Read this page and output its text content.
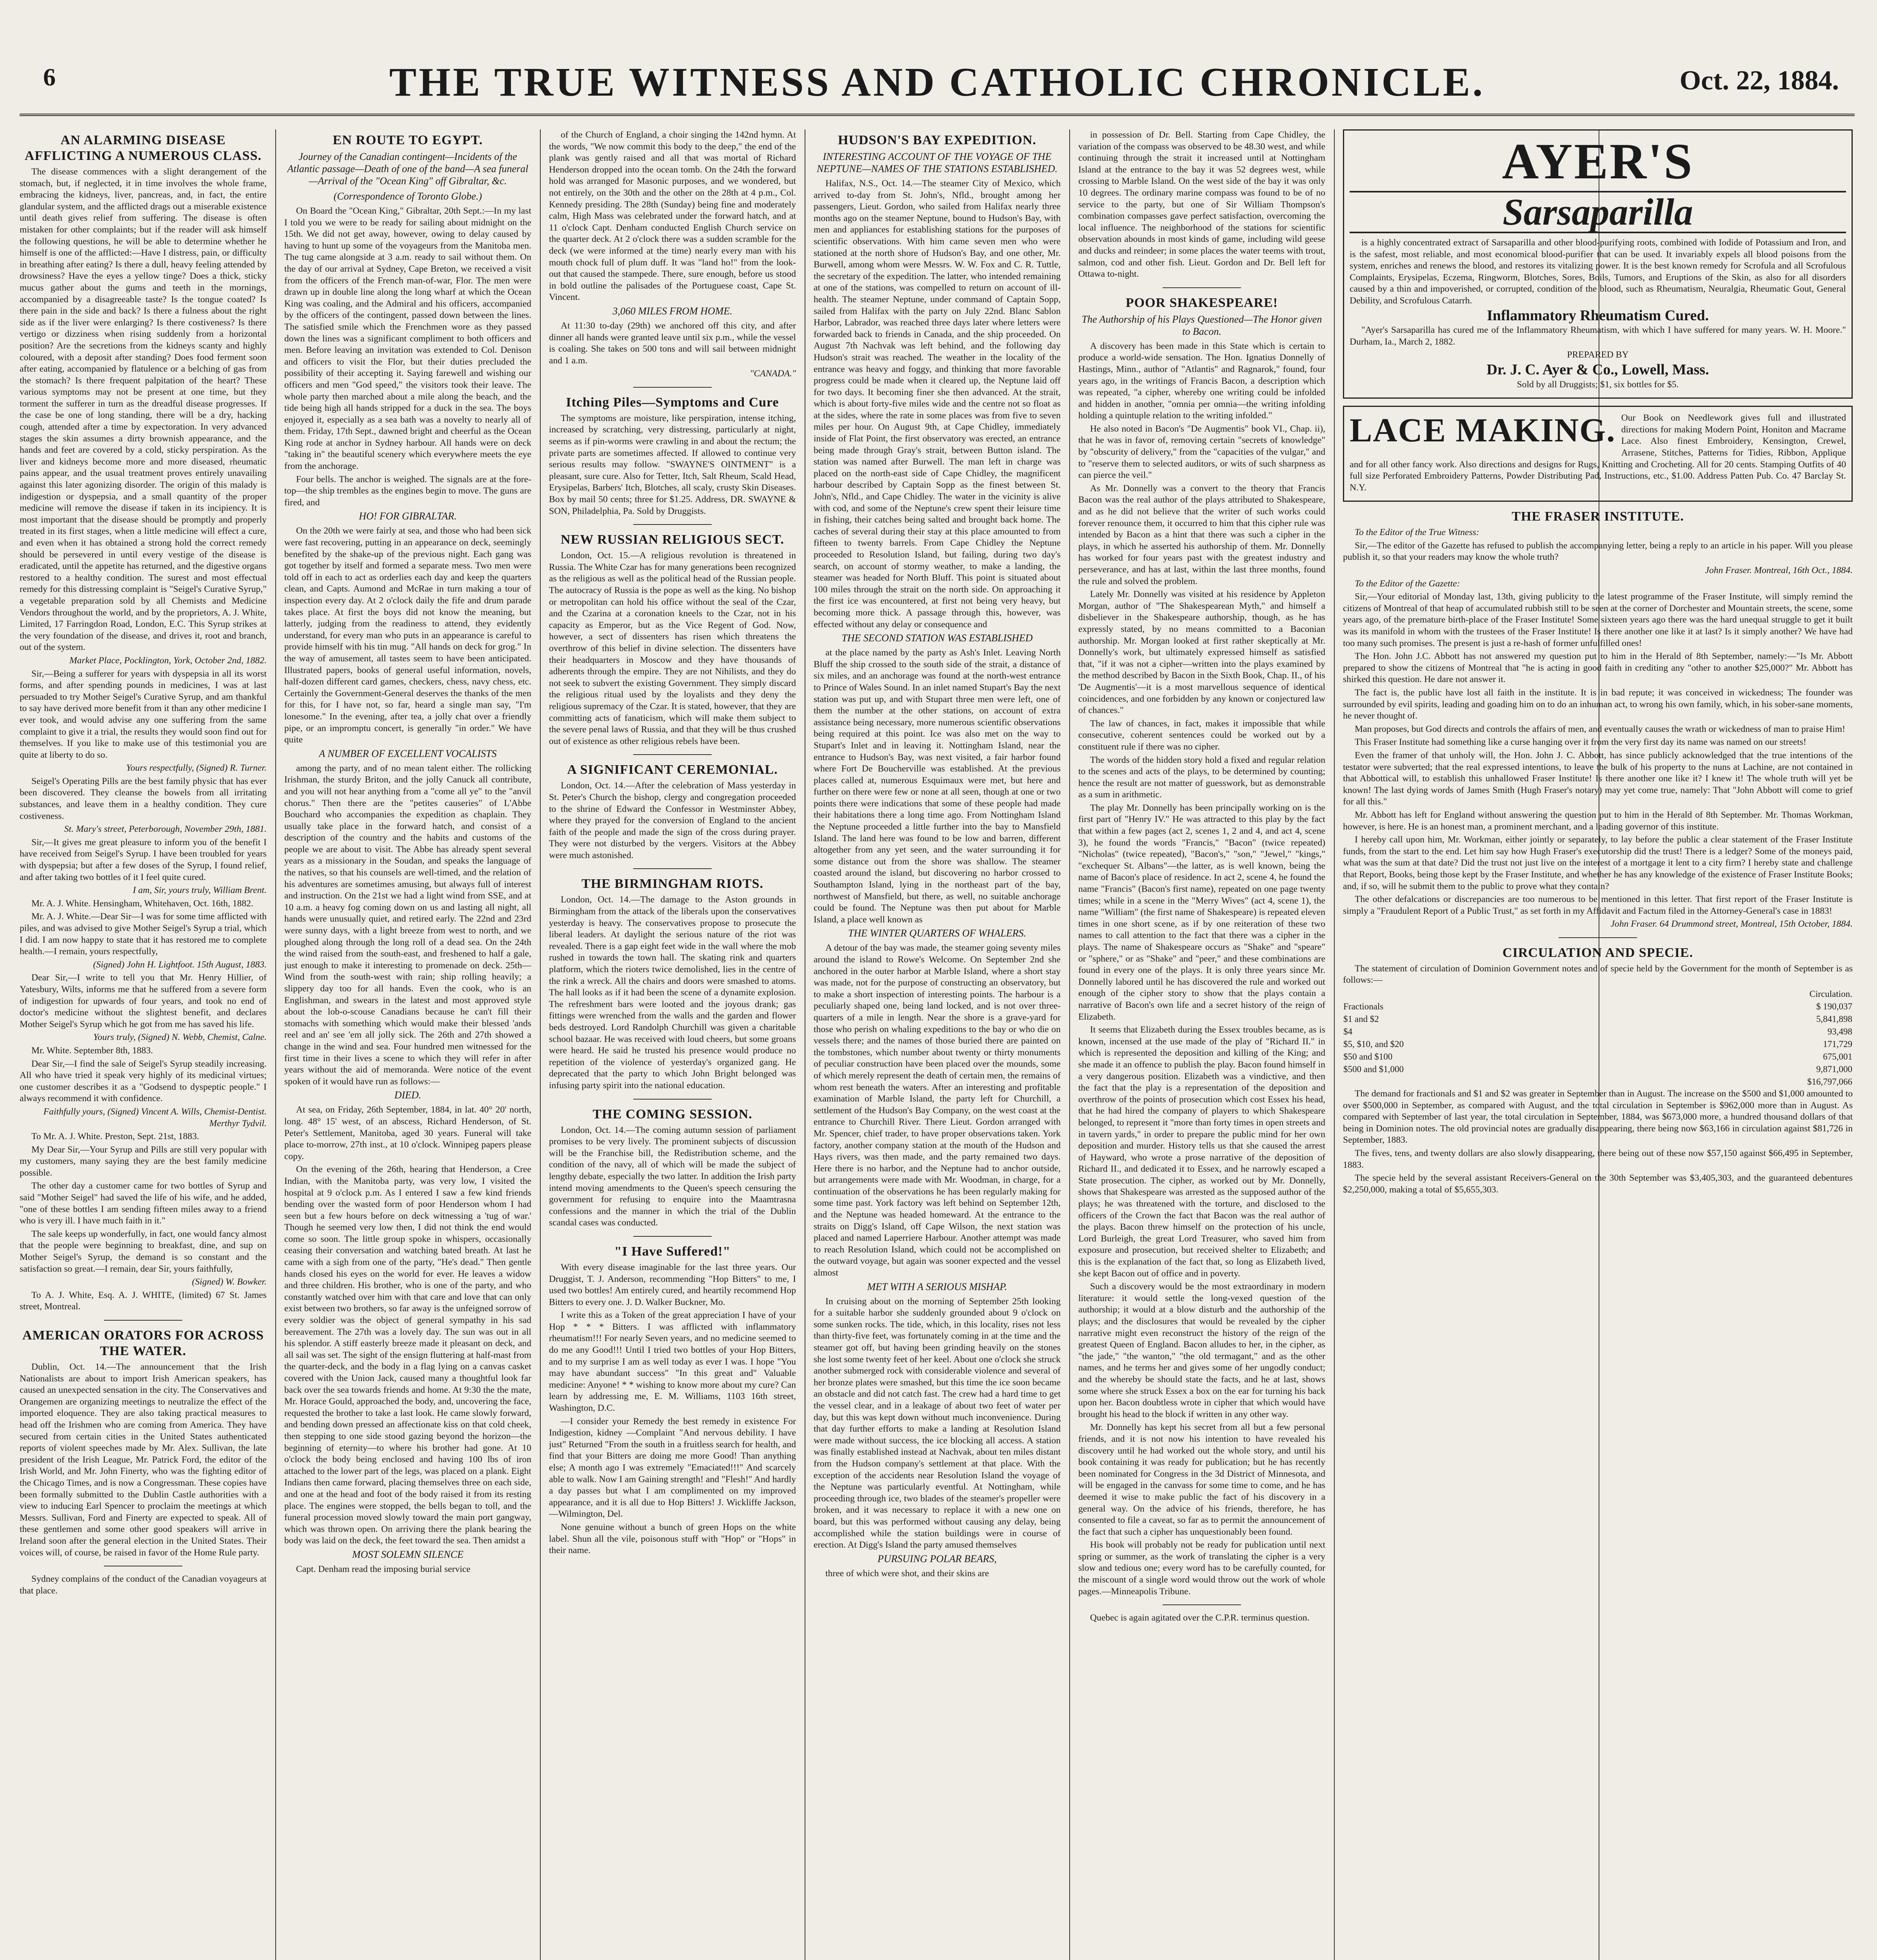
6	THE TRUE WITNESS AND CATHOLIC CHRONICLE.	Oct. 22, 1884.
AN ALARMING DISEASE AFFLICTING A NUMEROUS CLASS.

The disease commences with a slight derangement of the stomach, but, if neglected, it in time involves the whole frame, embracing the kidneys, liver, pancreas, and, in fact, the entire glandular system, and the afflicted drags out a miserable existence until death gives relief from suffering. The disease is often mistaken for other complaints; but if the reader will ask himself the following questions, he will be able to determine whether he himself is one of the afflicted:—Have I distress, pain, or difficulty in breathing after eating? Is there a dull, heavy feeling attended by drowsiness? Have the eyes a yellow tinge? Does a thick, sticky mucus gather about the gums and teeth in the mornings, accompanied by a disagreeable taste? Is the tongue coated? Is there pain in the side and back? Is there a fulness about the right side as if the liver were enlarging? Is there costiveness? Is there vertigo or dizziness when rising suddenly from a horizontal position? Are the secretions from the kidneys scanty and highly coloured, with a deposit after standing? Does food ferment soon after eating, accompanied by flatulence or a belching of gas from the stomach? Is there frequent palpitation of the heart? These various symptoms may not be present at one time, but they torment the sufferer in turn as the dreadful disease progresses. If the case be one of long standing, there will be a dry, hacking cough, attended after a time by expectoration. In very advanced stages the skin assumes a dirty brownish appearance, and the hands and feet are covered by a cold, sticky perspiration. As the liver and kidneys become more and more diseased, rheumatic pains appear, and the usual treatment proves entirely unavailing against this later agonizing disorder. The origin of this malady is indigestion or dyspepsia, and a small quantity of the proper medicine will remove the disease if taken in its incipiency. It is most important that the disease should be promptly and properly treated in its first stages, when a little medicine will effect a cure, and even when it has obtained a strong hold the correct remedy should be persevered in until every vestige of the disease is eradicated, until the appetite has returned, and the digestive organs restored to a healthy condition. The surest and most effectual remedy for this distressing complaint is "Seigel's Curative Syrup," a vegetable preparation sold by all Chemists and Medicine Vendors throughout the world, and by the proprietors, A. J. White, Limited, 17 Farringdon Road, London, E.C. This Syrup strikes at the very foundation of the disease, and drives it, root and branch, out of the system.

Market Place, Pocklington, York, October 2nd, 1882.

Sir,—Being a sufferer for years with dyspepsia in all its worst forms, and after spending pounds in medicines, I was at last persuaded to try Mother Seigel's Curative Syrup, and am thankful to say have derived more benefit from it than any other medicine I ever took, and would advise any one suffering from the same complaint to give it a trial, the results they would soon find out for themselves. If you like to make use of this testimonial you are quite at liberty to do so.

Yours respectfully, (Signed) R. Turner.

Seigel's Operating Pills are the best family physic that has ever been discovered. They cleanse the bowels from all irritating substances, and leave them in a healthy condition. They cure costiveness.

St. Mary's street, Peterborough, November 29th, 1881.

Sir,—It gives me great pleasure to inform you of the benefit I have received from Seigel's Syrup. I have been troubled for years with dyspepsia; but after a few doses of the Syrup, I found relief, and after taking two bottles of it I feel quite cured.

I am, Sir, yours truly, William Brent.

Mr. A. J. White. Hensingham, Whitehaven, Oct. 16th, 1882.

Mr. A. J. White.—Dear Sir—I was for some time afflicted with piles, and was advised to give Mother Seigel's Syrup a trial, which I did. I am now happy to state that it has restored me to complete health.—I remain, yours respectfully,

(Signed) John H. Lightfoot. 15th August, 1883.

Dear Sir,—I write to tell you that Mr. Henry Hillier, of Yatesbury, Wilts, informs me that he suffered from a severe form of indigestion for upwards of four years, and took no end of doctor's medicine without the slightest benefit, and declares Mother Seigel's Syrup which he got from me has saved his life.

Yours truly, (Signed) N. Webb, Chemist, Calne.

Mr. White. September 8th, 1883.

Dear Sir,—I find the sale of Seigel's Syrup steadily increasing. All who have tried it speak very highly of its medicinal virtues; one customer describes it as a "Godsend to dyspeptic people." I always recommend it with confidence.

Faithfully yours, (Signed) Vincent A. Wills, Chemist-Dentist. Merthyr Tydvil.

To Mr. A. J. White. Preston, Sept. 21st, 1883.

My Dear Sir,—Your Syrup and Pills are still very popular with my customers, many saying they are the best family medicine possible.

The other day a customer came for two bottles of Syrup and said "Mother Seigel" had saved the life of his wife, and he added, "one of these bottles I am sending fifteen miles away to a friend who is very ill. I have much faith in it."

The sale keeps up wonderfully, in fact, one would fancy almost that the people were beginning to breakfast, dine, and sup on Mother Seigel's Syrup, the demand is so constant and the satisfaction so great.—I remain, dear Sir, yours faithfully,

(Signed) W. Bowker.

To A. J. White, Esq. A. J. WHITE, (limited) 67 St. James street, Montreal.

AMERICAN ORATORS FOR ACROSS THE WATER.

Dublin, Oct. 14.—The announcement that the Irish Nationalists are about to import Irish American speakers, has caused an unexpected sensation in the city. The Conservatives and Orangemen are organizing meetings to neutralize the effect of the imported eloquence. They are also taking practical measures to head off the Irishmen who are coming from America. They have secured from certain cities in the United States authenticated reports of violent speeches made by Mr. Alex. Sullivan, the late president of the Irish League, Mr. Patrick Ford, the editor of the Irish World, and Mr. John Finerty, who was the fighting editor of the Chicago Times, and is now a Congressman. These copies have been formally submitted to the Dublin Castle authorities with a view to inducing Earl Spencer to proclaim the meetings at which Messrs. Sullivan, Ford and Finerty are expected to speak. All of these gentlemen and some other good speakers will arrive in Ireland soon after the general election in the United States. Their voices will, of course, be raised in favor of the Home Rule party.

Sydney complains of the conduct of the Canadian voyageurs at that place.

EN ROUTE TO EGYPT.
Journey of the Canadian contingent—Incidents of the Atlantic passage—Death of one of the band—A sea funeral—Arrival of the "Ocean King" off Gibraltar, &c.
(Correspondence of Toronto Globe.)

On Board the "Ocean King," Gibraltar, 20th Sept.:—In my last I told you we were to be ready for sailing about midnight on the 15th. We did not get away, however, owing to delay caused by having to hunt up some of the voyageurs from the Manitoba men. The tug came alongside at 3 a.m. ready to sail without them. On the day of our arrival at Sydney, Cape Breton, we received a visit from the officers of the French man-of-war, Flor. The men were drawn up in double line along the long wharf at which the Ocean King was coaling, and the Admiral and his officers, accompanied by the officers of the contingent, passed down between the lines. The satisfied smile which the Frenchmen wore as they passed down the lines was a significant compliment to both officers and men. Before leaving an invitation was extended to Col. Denison and officers to visit the Flor, but their duties precluded the possibility of their accepting it. Saying farewell and wishing our officers and men "God speed," the visitors took their leave. The whole party then marched about a mile along the beach, and the tide being high all hands stripped for a duck in the sea. The boys enjoyed it, especially as a sea bath was a novelty to nearly all of them. Friday, 17th Sept., dawned bright and cheerful as the Ocean King rode at anchor in Sydney harbour. All hands were on deck "taking in" the beautiful scenery which everywhere meets the eye from the anchorage.

Four bells. The anchor is weighed. The signals are at the fore-top—the ship trembles as the engines begin to move. The guns are fired, and

HO! FOR GIBRALTAR.

On the 20th we were fairly at sea, and those who had been sick were fast recovering, putting in an appearance on deck, seemingly benefited by the shake-up of the previous night. Each gang was got together by itself and formed a separate mess. Two men were told off in each to act as orderlies each day and keep the quarters clean, and Capts. Aumond and McRae in turn making a tour of inspection every day. At 2 o'clock daily the fife and drum parade takes place. At first the boys did not know the meaning, but latterly, judging from the readiness to attend, they evidently understand, for every man who puts in an appearance is careful to provide himself with his tin mug. "All hands on deck for grog." In the way of amusement, all tastes seem to have been anticipated. Illustrated papers, books of general useful information, novels, half-dozen different card games, checkers, chess, navy chess, etc. Certainly the Government-General deserves the thanks of the men for this, for I have not, so far, heard a single man say, "I'm lonesome." In the evening, after tea, a jolly chat over a friendly pipe, or an impromptu concert, is generally "in order." We have quite

A NUMBER OF EXCELLENT VOCALISTS

among the party, and of no mean talent either. The rollicking Irishman, the sturdy Briton, and the jolly Canuck all contribute, and you will not hear anything from a "come all ye" to the "anvil chorus." Then there are the "petites causeries" of L'Abbe Bouchard who accompanies the expedition as chaplain. They usually take place in the forward hatch, and consist of a description of the country and the habits and customs of the people we are about to visit. The Abbe has already spent several years as a missionary in the Soudan, and speaks the language of the natives, so that his counsels are well-timed, and the relation of his adventures are sometimes amusing, but always full of interest and instruction. On the 21st we had a light wind from SSE, and at 10 a.m. a heavy fog coming down on us and lasting all night, all hands were unusually quiet, and retired early. The 22nd and 23rd were sunny days, with a light breeze from west to north, and we ploughed along through the long roll of a dead sea. On the 24th the wind raised from the south-east, and freshened to half a gale, just enough to make it interesting to promenade on deck. 25th—Wind from the south-west with rain; ship rolling heavily; a slippery day too for all hands. Even the cook, who is an Englishman, and swears in the latest and most approved style about the lob-o-scouse Canadians because he can't fill their stomachs with something which would make their blessed 'ands reel and an' see 'em all jolly sick. The 26th and 27th showed a change in the wind and sea. Four hundred men witnessed for the first time in their lives a scene to which they will refer in after years without the aid of memoranda. Were notice of the event spoken of it would have run as follows:—

DIED.

At sea, on Friday, 26th September, 1884, in lat. 40° 20' north, long. 48° 15' west, of an abscess, Richard Henderson, of St. Peter's Settlement, Manitoba, aged 30 years. Funeral will take place to-morrow, 27th inst., at 10 o'clock. Winnipeg papers please copy.

On the evening of the 26th, hearing that Henderson, a Cree Indian, with the Manitoba party, was very low, I visited the hospital at 9 o'clock p.m. As I entered I saw a few kind friends bending over the wasted form of poor Henderson whom I had seen but a few hours before on deck witnessing a 'tug of war.' Though he seemed very low then, I did not think the end would come so soon. The little group spoke in whispers, occasionally ceasing their conversation and watching bated breath. At last he came with a sigh from one of the party, "He's dead." Then gentle hands closed his eyes on the world for ever. He leaves a widow and three children. His brother, who is one of the party, and who constantly watched over him with that care and love that can only exist between two brothers, so far away is the unfeigned sorrow of every soldier was the object of general sympathy in his sad bereavement. The 27th was a lovely day. The sun was out in all his splendor. A stiff easterly breeze made it pleasant on deck, and all sail was set. The sight of the ensign fluttering at half-mast from the quarter-deck, and the body in a flag lying on a canvas casket covered with the Union Jack, caused many a thoughtful look far back over the sea towards friends and home. At 9:30 the the mate, Mr. Horace Gould, approached the body, and, uncovering the face, requested the brother to take a last look. He came slowly forward, and bending down pressed an affectionate kiss on that cold cheek, then stepping to one side stood gazing beyond the horizon—the beginning of eternity—to where his brother had gone. At 10 o'clock the body being enclosed and having 100 lbs of iron attached to the lower part of the legs, was placed on a plank. Eight Indians then came forward, placing themselves three on each side, and one at the head and foot of the body raised it from its resting place. The engines were stopped, the bells began to toll, and the funeral procession moved slowly toward the main port gangway, which was thrown open. On arriving there the plank bearing the body was laid on the deck, the feet toward the sea. Then amidst a

MOST SOLEMN SILENCE

Capt. Denham read the imposing burial service

of the Church of England, a choir singing the 142nd hymn. At the words, "We now commit this body to the deep," the end of the plank was gently raised and all that was mortal of Richard Henderson dropped into the ocean tomb. On the 24th the forward hold was arranged for Masonic purposes, and we wondered, but not entirely, on the 30th and the other on the 28th at 4 p.m., Col. Kennedy presiding. The 28th (Sunday) being fine and moderately calm, High Mass was celebrated under the forward hatch, and at 11 o'clock Capt. Denham conducted English Church service on the quarter deck. At 2 o'clock there was a sudden scramble for the deck (we were informed at the time) nearly every man with his mouth chock full of plum duff. It was "land ho!" from the look-out that caused the stampede. There, sure enough, before us stood in bold outline the palisades of the Portuguese coast, Cape St. Vincent.

3,060 MILES FROM HOME.

At 11:30 to-day (29th) we anchored off this city, and after dinner all hands were granted leave until six p.m., while the vessel is coaling. She takes on 500 tons and will sail between midnight and 1 a.m.

"CANADA."

Itching Piles—Symptoms and Cure

The symptoms are moisture, like perspiration, intense itching, increased by scratching, very distressing, particularly at night, seems as if pin-worms were crawling in and about the rectum; the private parts are sometimes affected. If allowed to continue very serious results may follow. "SWAYNE'S OINTMENT" is a pleasant, sure cure. Also for Tetter, Itch, Salt Rheum, Scald Head, Erysipelas, Barbers' Itch, Blotches, all scaly, crusty Skin Diseases. Box by mail 50 cents; three for $1.25. Address, DR. SWAYNE & SON, Philadelphia, Pa. Sold by Druggists.

NEW RUSSIAN RELIGIOUS SECT.

London, Oct. 15.—A religious revolution is threatened in Russia. The White Czar has for many generations been recognized as the religious as well as the political head of the Russian people. The autocracy of Russia is the pope as well as the king. No bishop or metropolitan can hold his office without the seal of the Czar, and the Czarina at a coronation kneels to the Czar, not in his capacity as Emperor, but as the Vice Regent of God. Now, however, a sect of dissenters has risen which threatens the overthrow of this belief in divine selection. The dissenters have their headquarters in Moscow and they have thousands of adherents through the empire. They are not Nihilists, and they do not seek to subvert the existing Government. They simply discard the religious ritual used by the loyalists and they deny the religious supremacy of the Czar. It is stated, however, that they are committing acts of fanaticism, which will make them subject to the severe penal laws of Russia, and that they will be thus crushed out of existence as other religious rebels have been.

A SIGNIFICANT CEREMONIAL.

London, Oct. 14.—After the celebration of Mass yesterday in St. Peter's Church the bishop, clergy and congregation proceeded to the shrine of Edward the Confessor in Westminster Abbey, where they prayed for the conversion of England to the ancient faith of the people and made the sign of the cross during prayer. They were not disturbed by the vergers. Visitors at the Abbey were much astonished.

THE BIRMINGHAM RIOTS.

London, Oct. 14.—The damage to the Aston grounds in Birmingham from the attack of the liberals upon the conservatives yesterday is heavy. The conservatives propose to prosecute the liberal leaders. At daylight the serious nature of the riot was revealed. There is a gap eight feet wide in the wall where the mob rushed in towards the town hall. The skating rink and quarters platform, which the rioters twice demolished, lies in the centre of the rink a wreck. All the chairs and doors were smashed to atoms. The hall looks as if it had been the scene of a dynamite explosion. The refreshment bars were looted and the joyous drank; gas fittings were wrenched from the walls and the garden and flower beds destroyed. Lord Randolph Churchill was given a charitable school bazaar. He was received with loud cheers, but some groans were heard. He said he trusted his presence would produce no repetition of the violence of yesterday's organized gang. He deprecated that the party to which John Bright belonged was infusing party spirit into the national education.

THE COMING SESSION.

London, Oct. 14.—The coming autumn session of parliament promises to be very lively. The prominent subjects of discussion will be the Franchise bill, the Redistribution scheme, and the condition of the navy, all of which will be made the subject of lengthy debate, especially the two latter. In addition the Irish party intend moving amendments to the Queen's speech censuring the government for refusing to enquire into the Maamtrasna confessions and the manner in which the trial of the Dublin scandal cases was conducted.

"I Have Suffered!"

With every disease imaginable for the last three years. Our Druggist, T. J. Anderson, recommending "Hop Bitters" to me, I used two bottles! Am entirely cured, and heartily recommend Hop Bitters to every one. J. D. Walker Buckner, Mo.

I write this as a Token of the great appreciation I have of your Hop * * * Bitters. I was afflicted with inflammatory rheumatism!!! For nearly Seven years, and no medicine seemed to do me any Good!!! Until I tried two bottles of your Hop Bitters, and to my surprise I am as well today as ever I was. I hope "You may have abundant success" "In this great and" Valuable medicine: Anyone! * * wishing to know more about my cure? Can learn by addressing me, E. M. Williams, 1103 16th street, Washington, D.C.

—I consider your Remedy the best remedy in existence For Indigestion, kidney —Complaint "And nervous debility. I have just" Returned "From the south in a fruitless search for health, and find that your Bitters are doing me more Good! Than anything else; A month ago I was extremely "Emaciated!!!" And scarcely able to walk. Now I am Gaining strength! and "Flesh!" And hardly a day passes but what I am complimented on my improved appearance, and it is all due to Hop Bitters! J. Wickliffe Jackson, —Wilmington, Del.

None genuine without a bunch of green Hops on the white label. Shun all the vile, poisonous stuff with "Hop" or "Hops" in their name.

HUDSON'S BAY EXPEDITION.
INTERESTING ACCOUNT OF THE VOYAGE OF THE NEPTUNE—NAMES OF THE STATIONS ESTABLISHED.

Halifax, N.S., Oct. 14.—The steamer City of Mexico, which arrived to-day from St. John's, Nfld., brought among her passengers, Lieut. Gordon, who sailed from Halifax nearly three months ago on the steamer Neptune, bound to Hudson's Bay, with men and appliances for establishing stations for the purposes of scientific observations. With him came seven men who were stationed at the north shore of Hudson's Bay, and one other, Mr. Burwell, among whom were Messrs. W. W. Fox and C. R. Tuttle, the secretary of the expedition. The latter, who intended remaining at one of the stations, was compelled to return on account of ill-health. The steamer Neptune, under command of Captain Sopp, sailed from Halifax with the party on July 22nd. Blanc Sablon Harbor, Labrador, was reached three days later where letters were forwarded back to friends in Canada, and the ship proceeded. On August 7th Nachvak was left behind, and the following day Hudson's strait was reached. The weather in the locality of the entrance was heavy and foggy, and thinking that more favorable progress could be made when it cleared up, the Neptune laid off for two days. It becoming finer she then advanced. At the strait, which is about forty-five miles wide and the centre not so float as at the sides, where the rate in some places was from five to seven miles per hour. On August 9th, at Cape Chidley, immediately inside of Flat Point, the first observatory was erected, an entrance being made through Gray's strait, between Button island. The station was named after Burwell. The man left in charge was placed on the north-east side of Cape Chidley, the magnificent harbour described by Captain Sopp as the finest between St. John's, Nfld., and Cape Chidley. The water in the vicinity is alive with cod, and some of the Neptune's crew spent their leisure time in fishing, their catches being salted and brought back home. The caches of several during their stay at this place amounted to from fifteen to twenty barrels. From Cape Chidley the Neptune proceeded to Resolution Island, but failing, during two day's search, on account of stormy weather, to make a landing, the steamer was headed for North Bluff. This point is situated about 100 miles through the strait on the north side. On approaching it the first ice was encountered, at first not being very heavy, but becoming more thick. A passage through this, however, was effected without any delay or consequence and

THE SECOND STATION WAS ESTABLISHED

at the place named by the party as Ash's Inlet. Leaving North Bluff the ship crossed to the south side of the strait, a distance of six miles, and an anchorage was found at the north-west entrance to Prince of Wales Sound. In an inlet named Stupart's Bay the next station was put up, and with Stupart three men were left, one of them the number at the other stations, on account of extra assistance being necessary, more numerous scientific observations being required at this point. Ice was also met on the way to Stupart's Inlet and in leaving it. Nottingham Island, near the entrance to Hudson's Bay, was next visited, a fair harbor found where Fort De Boucherville was established. At the previous places called at, numerous Esquimaux were met, but here and further on there were few or none at all seen, though at one or two points there were indications that some of these people had made their habitations there a long time ago. From Nottingham Island the Neptune proceeded a little further into the bay to Mansfield Island. The land here was found to be low and barren, different altogether from any yet seen, and the water surrounding it for some distance out from the shore was shallow. The steamer coasted around the island, but discovering no harbor crossed to Southampton Island, lying in the northeast part of the bay, northwest of Mansfield, but there, as well, no suitable anchorage could be found. The Neptune was then put about for Marble Island, a place well known as

THE WINTER QUARTERS OF WHALERS.

A detour of the bay was made, the steamer going seventy miles around the island to Rowe's Welcome. On September 2nd she anchored in the outer harbor at Marble Island, where a short stay was made, not for the purpose of constructing an observatory, but to make a short inspection of interesting points. The harbour is a peculiarly shaped one, being land locked, and is not over three-quarters of a mile in length. Near the shore is a grave-yard for those who perish on whaling expeditions to the bay or who die on vessels there; and the names of those buried there are painted on the tombstones, which number about twenty or thirty monuments of peculiar construction have been placed over the mounds, some of which merely represent the death of certain men, the remains of whom rest beneath the waters. After an interesting and profitable examination of Marble Island, the party left for Churchill, a settlement of the Hudson's Bay Company, on the west coast at the entrance to Churchill River. There Lieut. Gordon arranged with Mr. Spencer, chief trader, to have proper observations taken. York factory, another company station at the mouth of the Hudson and Hays rivers, was then made, and the party remained two days. Here there is no harbor, and the Neptune had to anchor outside, but arrangements were made with Mr. Woodman, in charge, for a continuation of the observations he has been regularly making for some time past. York factory was left behind on September 12th, and the Neptune was headed homeward. At the entrance to the straits on Digg's Island, off Cape Wilson, the next station was placed and named Laperriere Harbour. Another attempt was made to reach Resolution Island, which could not be accomplished on the outward voyage, but again was sooner expected and the vessel almost

MET WITH A SERIOUS MISHAP.

In cruising about on the morning of September 25th looking for a suitable harbor she suddenly grounded about 9 o'clock on some sunken rocks. The tide, which, in this locality, rises not less than thirty-five feet, was fortunately coming in at the time and the steamer got off, but having been grinding heavily on the stones she lost some twenty feet of her keel. About one o'clock she struck another submerged rock with considerable violence and several of her bronze plates were smashed, but this time the ice soon became an obstacle and did not catch fast. The crew had a hard time to get the vessel clear, and in a leakage of about two feet of water per day, but this was kept down without much inconvenience. During that day further efforts to make a landing at Resolution Island were made without success, the ice blocking all access. A station was finally established instead at Nachvak, about ten miles distant from the Hudson company's settlement at that place. With the exception of the accidents near Resolution Island the voyage of the Neptune was particularly eventful. At Nottingham, while proceeding through ice, two blades of the steamer's propeller were broken, and it was necessary to replace it with a new one on board, but this was performed without causing any delay, being accomplished while the station buildings were in course of erection. At Digg's Island the party amused themselves

PURSUING POLAR BEARS,

three of which were shot, and their skins are

in possession of Dr. Bell. Starting from Cape Chidley, the variation of the compass was observed to be 48.30 west, and while continuing through the strait it increased until at Nottingham Island at the entrance to the bay it was 52 degrees west, while crossing to Marble Island. On the west side of the bay it was only 10 degrees. The ordinary marine compass was found to be of no service to the party, but one of Sir William Thompson's combination compasses gave perfect satisfaction, overcoming the local influence. The neighborhood of the stations for scientific observation abounds in most kinds of game, including wild geese and ducks and reindeer; in some places the water teems with trout, salmon, cod and other fish. Lieut. Gordon and Dr. Bell left for Ottawa to-night.

POOR SHAKESPEARE!
The Authorship of his Plays Questioned—The Honor given to Bacon.

A discovery has been made in this State which is certain to produce a world-wide sensation. The Hon. Ignatius Donnelly of Hastings, Minn., author of "Atlantis" and Ragnarok," found, four years ago, in the writings of Francis Bacon, a description which was repeated, "a cipher, whereby one writing could be infolded and hidden in another, "omnia per omnia—the writing infolding holding a quintuple relation to the writing infolded."

He also noted in Bacon's "De Augmentis" book VI., Chap. ii), that he was in favor of, removing certain "secrets of knowledge" by "obscurity of delivery," from the "capacities of the vulgar," and to "reserve them to selected auditors, or wits of such sharpness as can pierce the veil."

As Mr. Donnelly was a convert to the theory that Francis Bacon was the real author of the plays attributed to Shakespeare, and as he did not believe that the writer of such works could forever renounce them, it occurred to him that this cipher rule was intended by Bacon as a hint that there was such a cipher in the plays, in which he asserted his authorship of them. Mr. Donnelly has worked for four years past with the greatest industry and perseverance, and has at last, within the last three months, found the rule and solved the problem.

Lately Mr. Donnelly was visited at his residence by Appleton Morgan, author of "The Shakespearean Myth," and himself a disbeliever in the Shakespeare authorship, though, as he has expressly stated, by no means committed to a Baconian authorship. Mr. Morgan looked at first rather skeptically at Mr. Donnelly's work, but ultimately expressed himself as satisfied that, "if it was not a cipher—written into the plays examined by the method described by Bacon in the Sixth Book, Chap. II., of his 'De Augmentis'—it is a most marvellous sequence of identical coincidences, and one forbidden by any known or conjectured law of chances."

The law of chances, in fact, makes it impossible that while consecutive, coherent sentences could be worked out by a constituent rule if there was no cipher.

The words of the hidden story hold a fixed and regular relation to the scenes and acts of the plays, to be determined by counting; hence the result are not matter of guesswork, but as demonstrable as a sum in arithmetic.

The play Mr. Donnelly has been principally working on is the first part of "Henry IV." He was attracted to this play by the fact that within a few pages (act 2, scenes 1, 2 and 4, and act 4, scene 3), he found the words "Francis," "Bacon" (twice repeated) "Nicholas" (twice repeated), "Bacon's," "son," "Jewel," "kings," "exchequer St. Albans"—the latter, as is well known, being the name of Bacon's place of residence. In act 2, scene 4, he found the name "Francis" (Bacon's first name), repeated on one page twenty times; while in a scene in the "Merry Wives" (act 4, scene 1), the name "William" (the first name of Shakespeare) is repeated eleven times in one short scene, as if by one reiteration of these two names to call attention to the fact that there was a cipher in the plays. The name of Shakespeare occurs as "Shake" and "speare" or "sphere," or as "Shake" and "peer," and these combinations are found in every one of the plays. It is only three years since Mr. Donnelly labored until he has discovered the rule and worked out enough of the cipher story to show that the plays contain a narrative of Bacon's own life and a secret history of the reign of Elizabeth.

It seems that Elizabeth during the Essex troubles became, as is known, incensed at the use made of the play of "Richard II." in which is represented the deposition and killing of the King; and she made it an offence to publish the play. Bacon found himself in a very dangerous position. Elizabeth was a vindictive, and then the fact that the play is a representation of the deposition and overthrow of the points of prosecution which cost Essex his head, that he had hired the company of players to which Shakespeare belonged, to represent it "more than forty times in open streets and in tavern yards," in order to prepare the public mind for her own deposition and murder. History tells us that she caused the arrest of Hayward, who wrote a prose narrative of the deposition of Richard II., and dedicated it to Essex, and he narrowly escaped a State prosecution. The cipher, as worked out by Mr. Donnelly, shows that Shakespeare was arrested as the supposed author of the plays; he was threatened with the torture, and disclosed to the officers of the Crown the fact that Bacon was the real author of the plays. Bacon threw himself on the protection of his uncle, Lord Burleigh, the great Lord Treasurer, who saved him from exposure and prosecution, but received shelter to Elizabeth; and this is the explanation of the fact that, so long as Elizabeth lived, she kept Bacon out of office and in poverty.

Such a discovery would be the most extraordinary in modern literature: it would settle the long-vexed question of the authorship; it would at a blow disturb and the authorship of the plays; and the disclosures that would be revealed by the cipher narrative might even reconstruct the history of the reign of the greatest Queen of England. Bacon alludes to her, in the cipher, as "the jade," "the wanton," "the old termagant," and as the other names, and he terms her and gives some of her ungodly conduct; and the whereby be should state the facts, and he at last, shows some where she struck Essex a box on the ear for turning his back upon her. Bacon doubtless wrote in cipher that which would have brought his head to the block if written in any other way.

Mr. Donnelly has kept his secret from all but a few personal friends, and it is not now his intention to have revealed his discovery until he had worked out the whole story, and until his book containing it was ready for publication; but he has recently been nominated for Congress in the 3d District of Minnesota, and will be engaged in the canvass for some time to come, and he has deemed it wise to make public the fact of his discovery in a general way. On the advice of his friends, therefore, he has consented to file a caveat, so far as to permit the announcement of the fact that such a cipher has unquestionably been found.

His book will probably not be ready for publication until next spring or summer, as the work of translating the cipher is a very slow and tedious one; every word has to be carefully counted, for the miscount of a single word would throw out the work of whole pages.—Minneapolis Tribune.

Quebec is again agitated over the C.P.R. terminus question.

AYER'S
Sarsaparilla

is a highly concentrated extract of Sarsaparilla and other blood-purifying roots, combined with Iodide of Potassium and Iron, and is the safest, most reliable, and most economical blood-purifier that can be used. It invariably expels all blood poisons from the system, enriches and renews the blood, and restores its vitalizing power. It is the best known remedy for Scrofula and all Scrofulous Complaints, Erysipelas, Eczema, Ringworm, Blotches, Sores, Boils, Tumors, and Eruptions of the Skin, as also for all disorders caused by a thin and impoverished, or corrupted, condition of the blood, such as Rheumatism, Neuralgia, Rheumatic Gout, General Debility, and Scrofulous Catarrh.

Inflammatory Rheumatism Cured.

"Ayer's Sarsaparilla has cured me of the Inflammatory Rheumatism, with which I have suffered for many years. W. H. Moore." Durham, Ia., March 2, 1882.

PREPARED BY

Dr. J. C. Ayer & Co., Lowell, Mass.

Sold by all Druggists; $1, six bottles for $5.

LACE MAKING. Our Book on Needlework gives full and illustrated directions for making Modern Point, Honiton and Macrame Lace. Also finest Embroidery, Kensington, Crewel, Arrasene, Stitches, Patterns for Tidies, Ribbon, Applique and for all other fancy work. Also directions and designs for Rugs, Knitting and Crocheting. All for 20 cents. Stamping Outfits of 40 full size Perforated Embroidery Patterns, Powder Distributing Pad, Instructions, etc., $1.00. Address Patten Pub. Co. 47 Barclay St. N.Y.

THE FRASER INSTITUTE.

To the Editor of the True Witness:

Sir,—The editor of the Gazette has refused to publish the accompanying letter, being a reply to an article in his paper. Will you please publish it, so that your readers may know the whole truth?

John Fraser. Montreal, 16th Oct., 1884.

To the Editor of the Gazette:

Sir,—Your editorial of Monday last, 13th, giving publicity to the latest programme of the Fraser Institute, will simply remind the citizens of Montreal of that heap of accumulated rubbish still to be seen at the corner of Dorchester and Mountain streets, the scene, some years ago, of the premature birth-place of the Fraser Institute! Some sixteen years ago there was the hard unequal struggle to get it built was its manifold in whom with the trustees of the Fraser Institute! Is there another one like it at last? Is it simply another? We have had too many such promises. The present is just a re-hash of former unfulfilled ones!

The Hon. John J.C. Abbott has not answered my question put to him in the Herald of 8th September, namely:—"Is Mr. Abbott prepared to show the citizens of Montreal that "he is acting in good faith in crediting any "other to another $25,000?" Mr. Abbott has shirked this question. He dare not answer it.

The fact is, the public have lost all faith in the institute. It is in bad repute; it was conceived in wickedness; The founder was surrounded by evil spirits, leading and goading him on to do an inhuman act, to wrong his own family, which, in his sober-sane moments, he never thought of.

Man proposes, but God directs and controls the affairs of men, and eventually causes the wrath or wickedness of man to praise Him!

This Fraser Institute had something like a curse hanging over it from the very first day its name was named on our streets!

Even the framer of that unholy will, the Hon. John J. C. Abbott, has since publicly acknowledged that the true intentions of the testator were subverted; that the real expressed intentions, to leave the bulk of his property to the nuns at Lachine, are not contained in that Abbottical will, to establish this unhallowed Fraser Institute! Is there another one like it? I knew it! The whole truth will yet be known! The last dying words of James Smith (Hugh Fraser's notary) may yet come true, namely: That "John Abbott will come to grief for all this."

Mr. Abbott has left for England without answering the question put to him in the Herald of 8th September. Mr. Thomas Workman, however, is here. He is an honest man, a prominent merchant, and a leading governor of this institute.

I hereby call upon him, Mr. Workman, either jointly or separately, to lay before the public a clear statement of the Fraser Institute funds, from the start to the end. Let him say how Hugh Fraser's executorship did the trust! There is a ledger? Some of the moneys paid, what was the sum at that date? Did the trust not just live on the interest of a mortgage it lent to a city firm? I hereby state and challenge that Report, Books, being those kept by the Fraser Institute, and whether he has any knowledge of the existence of Fraser Institute Books; and, if so, will he submit them to the public to prove what they contain?

The other defalcations or discrepancies are too numerous to be mentioned in this letter. That first report of the Fraser Institute is simply a "Fraudulent Report of a Public Trust," as set forth in my Affidavit and Factum filed in the Attorney-General's case in 1883!

John Fraser. 64 Drummond street, Montreal, 15th October, 1884.

CIRCULATION AND SPECIE.

The statement of circulation of Dominion Government notes and of specie held by the Government for the month of September is as follows:—

	Circulation.
Fractionals	$ 190,037
$1 and $2	5,841,898
$4	93,498
$5, $10, and $20	171,729
$50 and $100	675,001
$500 and $1,000	9,871,000
	$16,797,066

The demand for fractionals and $1 and $2 was greater in September than in August. The increase on the $500 and $1,000 amounted to over $500,000 in September, as compared with August, and the total circulation in September is $962,000 more than in August. As compared with September of last year, the total circulation in September, 1884, was $673,000 more, a hundred thousand dollars of that being in Dominion notes. The old provincial notes are gradually disappearing, there being now $63,166 in circulation against $81,726 in September, 1883.

The fives, tens, and twenty dollars are also slowly disappearing, there being out of these now $57,150 against $66,495 in September, 1883.

The specie held by the several assistant Receivers-General on the 30th September was $3,405,303, and the guaranteed debentures $2,250,000, making a total of $5,655,303.
